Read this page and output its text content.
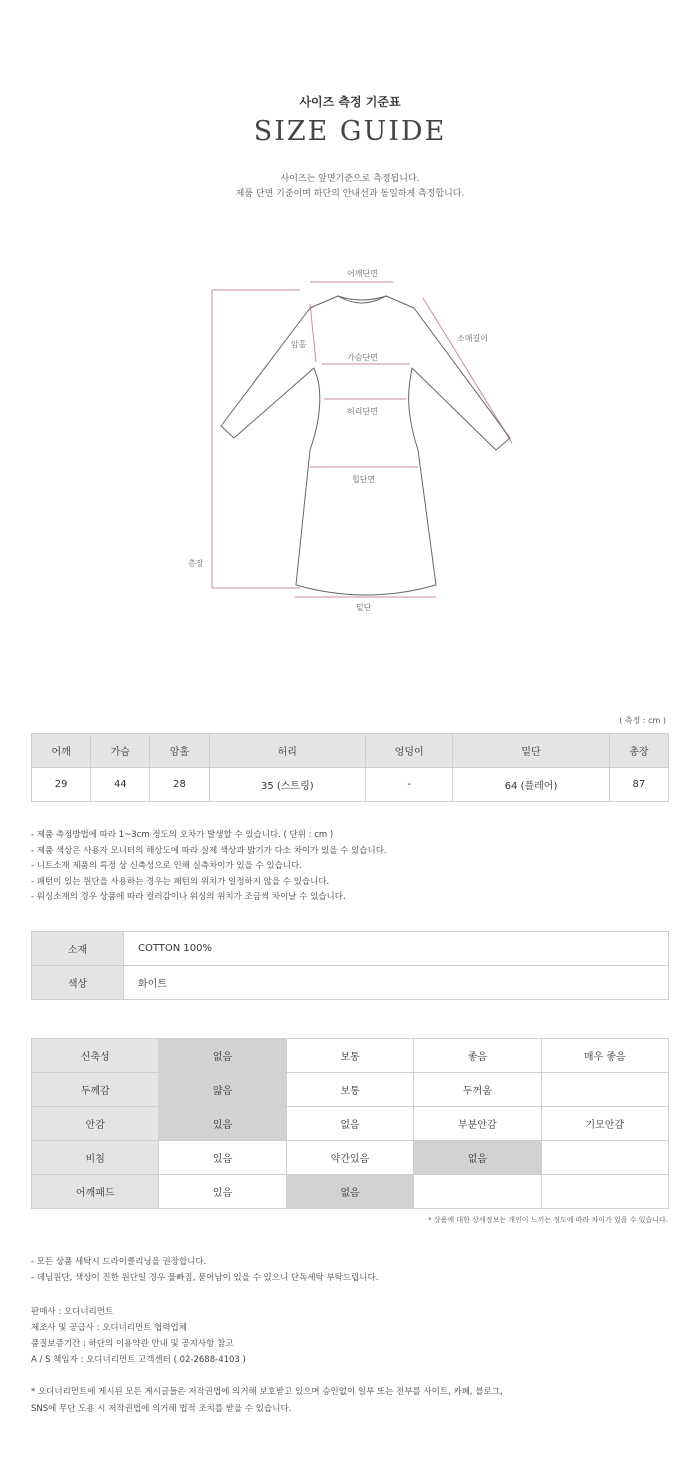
사이즈 측정 기준표
SIZE GUIDE
사이즈는 앞면기준으로 측정됩니다.
제품 단면 기준이며 하단의 안내선과 동일하게 측정합니다.
어깨단면
소매길이
암홀
가슴단면
허리단면
힙단면
총장
밑단
( 측정 : cm )
어깨	가슴	암홀	허리	엉덩이	밑단	총장
29	44	28	35 (스트링)	-	64 (플레어)	87
- 제품 측정방법에 따라 1~3cm 정도의 오차가 발생할 수 있습니다. ( 단위 : cm )
- 제품 색상은 사용자 모니터의 해상도에 따라 실제 색상과 밝기가 다소 차이가 있을 수 있습니다.
- 니트소재 제품의 특정 상 신축성으로 인해 실측차이가 있을 수 있습니다.
- 패턴이 있는 원단을 사용하는 경우는 패턴의 위치가 일정하지 않을 수 있습니다.
- 워싱소재의 경우 상품에 따라 컬러감이나 워싱의 위치가 조금씩 차이날 수 있습니다.
소재	COTTON 100%
색상	화이트
신축성	없음	보통	좋음	매우 좋음
두께감	얇음	보통	두꺼움	
안감	있음	없음	부분안감	기모안감
비침	있음	약간있음	없음	
어깨패드	있음	없음		
* 상품에 대한 상세정보는 개인이 느끼는 정도에 따라 차이가 있을 수 있습니다.
- 모든 상품 세탁시 드라이클리닝을 권장합니다.
- 데님원단, 색상이 진한 원단일 경우 물빠짐, 묻어남이 있을 수 있으니 단독세탁 부탁드립니다.
판매사 : 오디너리먼트
제조사 및 공급사 : 오디너리먼트 협력업체
품질보증기간 : 하단의 이용약관 안내 및 공지사항 참고
A / S 책임자 : 오디너리먼트 고객센터 ( 02-2688-4103 )
* 오디너리먼트에 게시된 모든 게시글들은 저작권법에 의거해 보호받고 있으며 승인없이 일부 또는 전부를 사이트, 카페, 블로그,
SNS에 무단 도용 시 저작권법에 의거해 법적 조치를 받을 수 있습니다.
